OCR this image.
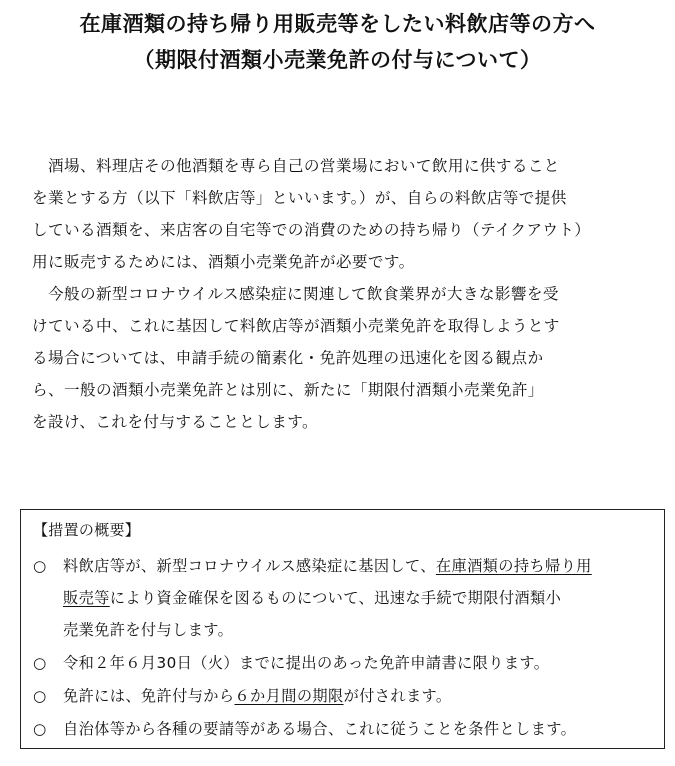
在庫酒類の持ち帰り用販売等をしたい料飲店等の方へ
（期限付酒類小売業免許の付与について）
　酒場、料理店その他酒類を専ら自己の営業場において飲用に供すること
を業とする方（以下「料飲店等」といいます。）が、自らの料飲店等で提供
している酒類を、来店客の自宅等での消費のための持ち帰り（テイクアウト）
用に販売するためには、酒類小売業免許が必要です。
　今般の新型コロナウイルス感染症に関連して飲食業界が大きな影響を受
けている中、これに基因して料飲店等が酒類小売業免許を取得しようとす
る場合については、申請手続の簡素化・免許処理の迅速化を図る観点か
ら、一般の酒類小売業免許とは別に、新たに「期限付酒類小売業免許」
を設け、これを付与することとします。
【措置の概要】
○ 料飲店等が、新型コロナウイルス感染症に基因して、在庫酒類の持ち帰り用
販売等により資金確保を図るものについて、迅速な手続で期限付酒類小
売業免許を付与します。
○ 令和２年６月30日（火）までに提出のあった免許申請書に限ります。
○ 免許には、免許付与から６か月間の期限が付されます。
○ 自治体等から各種の要請等がある場合、これに従うことを条件とします。
